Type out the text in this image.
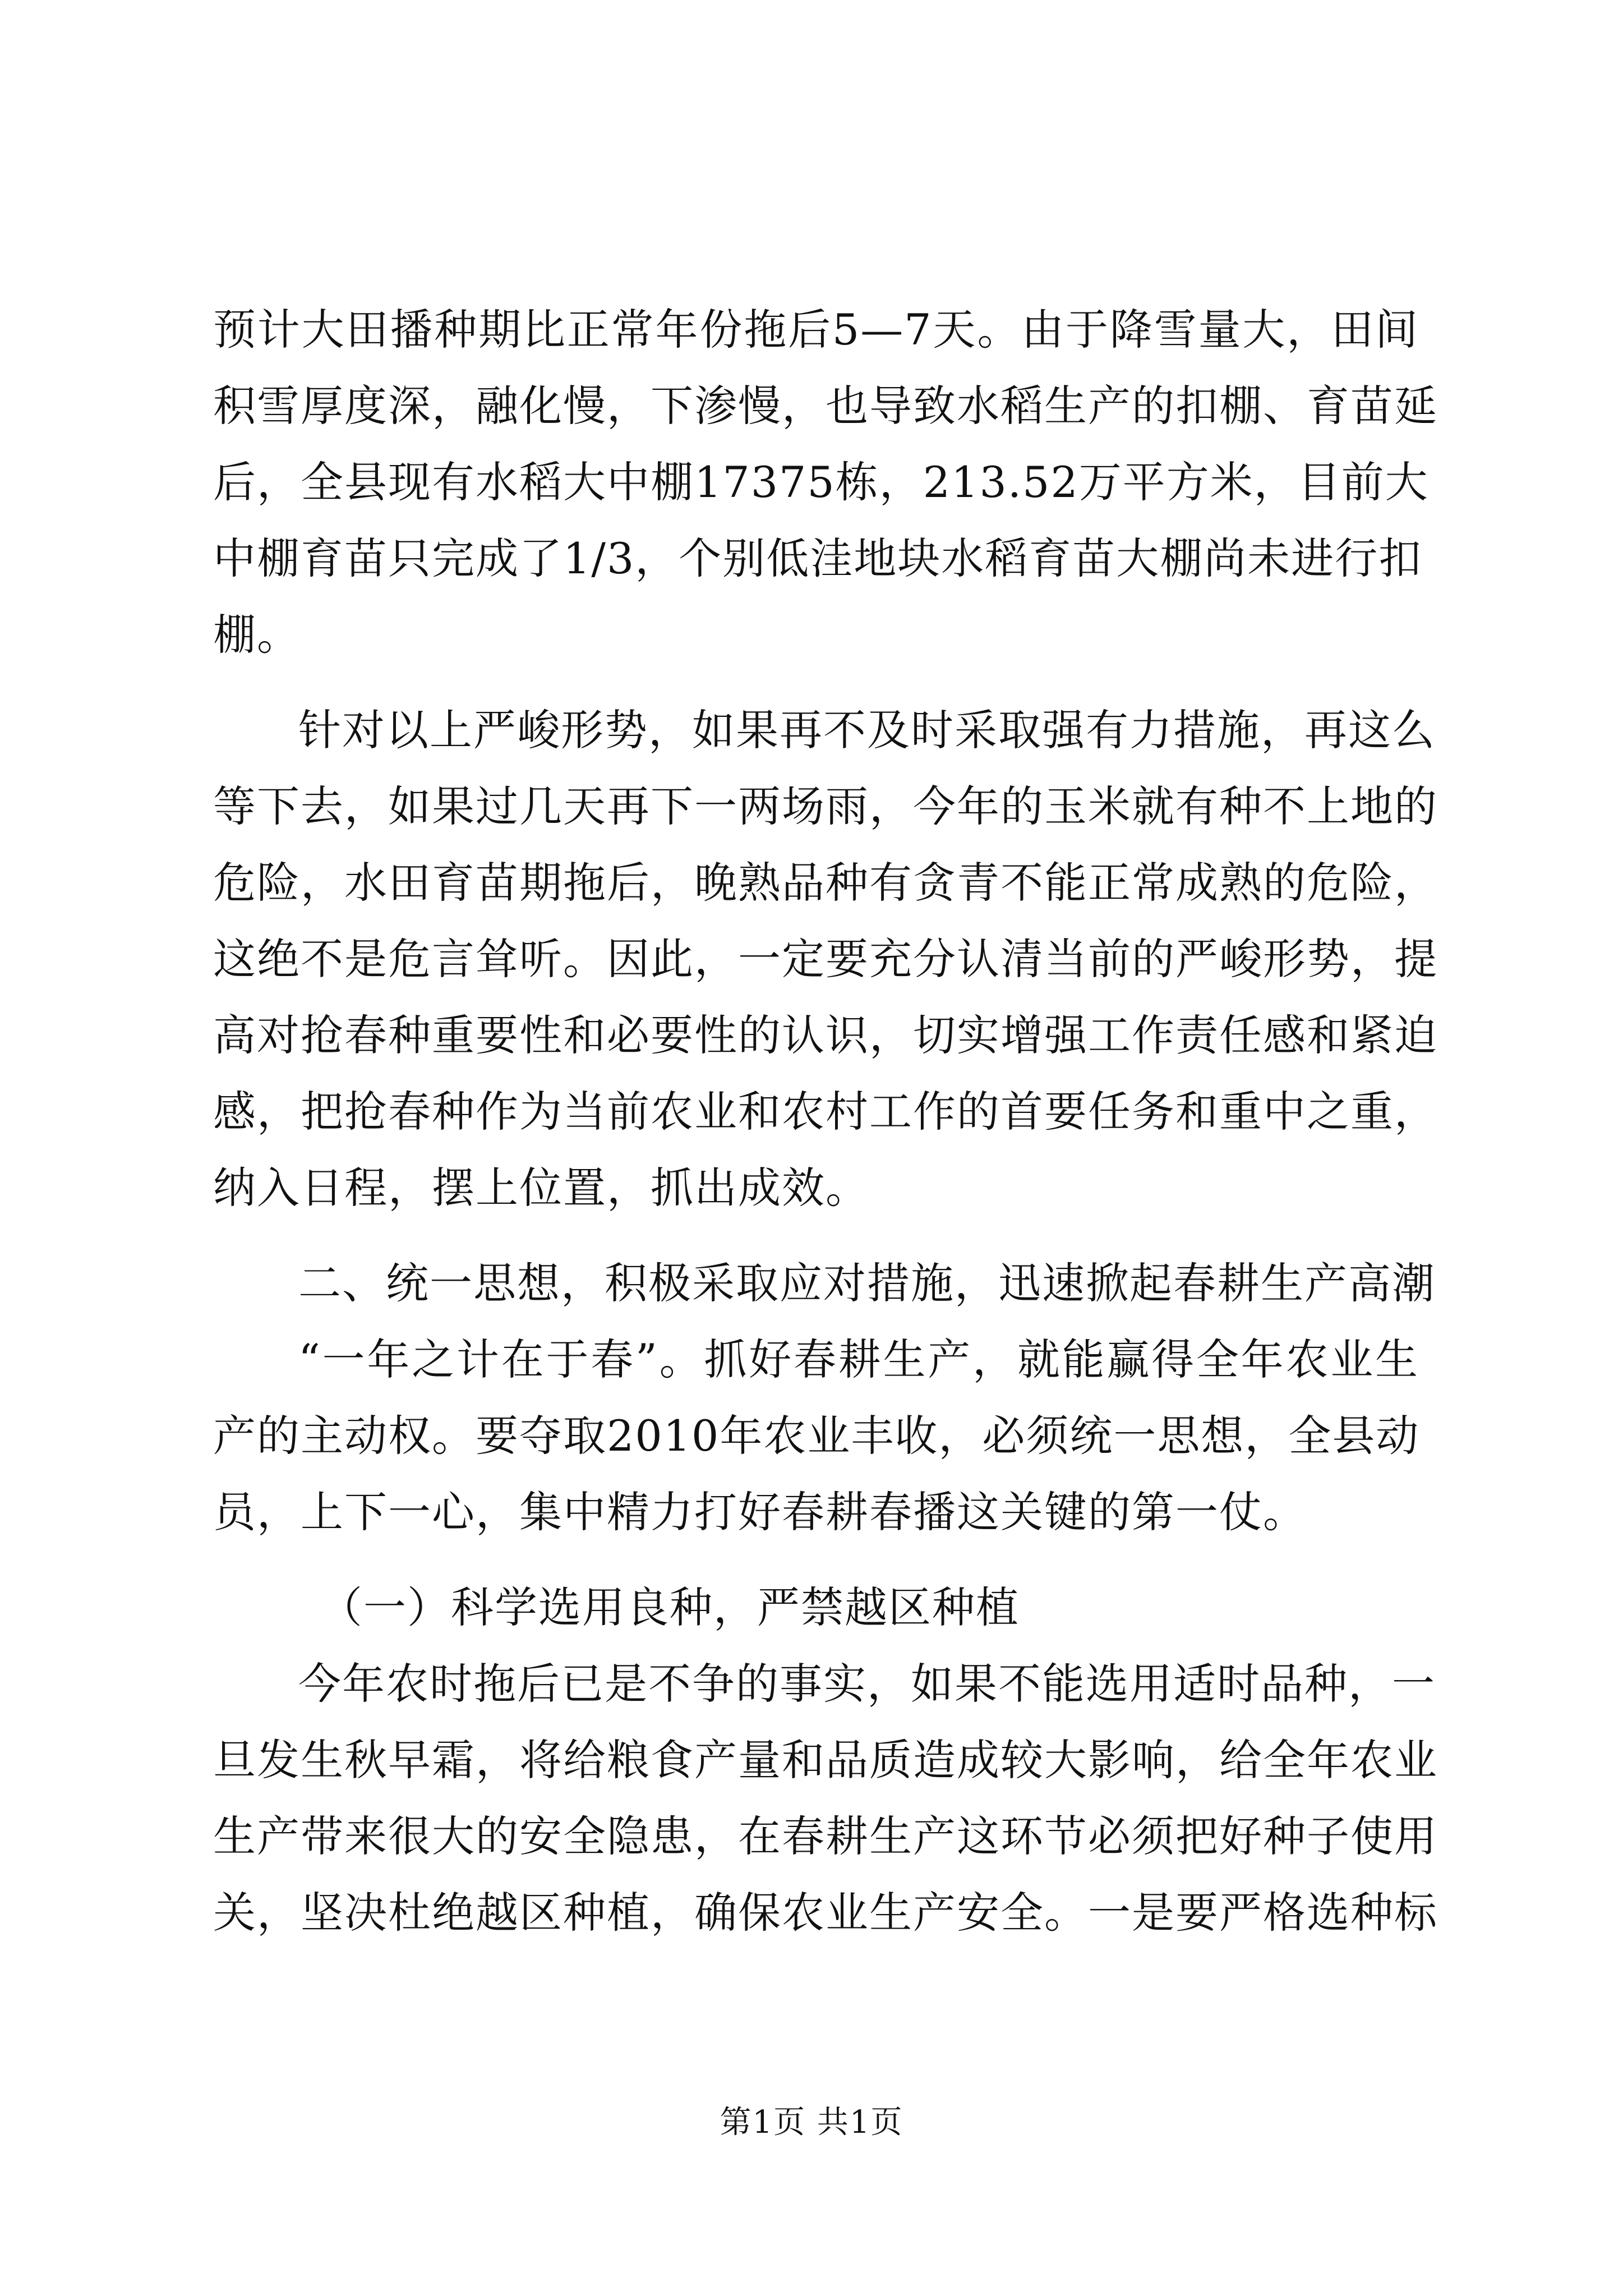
预计大田播种期比正常年份拖后5—7天。由于降雪量大，田间
积雪厚度深，融化慢，下渗慢，也导致水稻生产的扣棚、育苗延
后，全县现有水稻大中棚17375栋，213.52万平方米，目前大
中棚育苗只完成了1/3，个别低洼地块水稻育苗大棚尚未进行扣
棚。
针对以上严峻形势，如果再不及时采取强有力措施，再这么
等下去，如果过几天再下一两场雨，今年的玉米就有种不上地的
危险，水田育苗期拖后，晚熟品种有贪青不能正常成熟的危险，
这绝不是危言耸听。因此，一定要充分认清当前的严峻形势，提
高对抢春种重要性和必要性的认识，切实增强工作责任感和紧迫
感，把抢春种作为当前农业和农村工作的首要任务和重中之重，
纳入日程，摆上位置，抓出成效。
二、统一思想，积极采取应对措施，迅速掀起春耕生产高潮
“一年之计在于春”。抓好春耕生产，就能赢得全年农业生
产的主动权。要夺取2010年农业丰收，必须统一思想，全县动
员，上下一心，集中精力打好春耕春播这关键的第一仗。
（一）科学选用良种，严禁越区种植
今年农时拖后已是不争的事实，如果不能选用适时品种，一
旦发生秋早霜，将给粮食产量和品质造成较大影响，给全年农业
生产带来很大的安全隐患，在春耕生产这环节必须把好种子使用
关，坚决杜绝越区种植，确保农业生产安全。一是要严格选种标
第1页 共1页
